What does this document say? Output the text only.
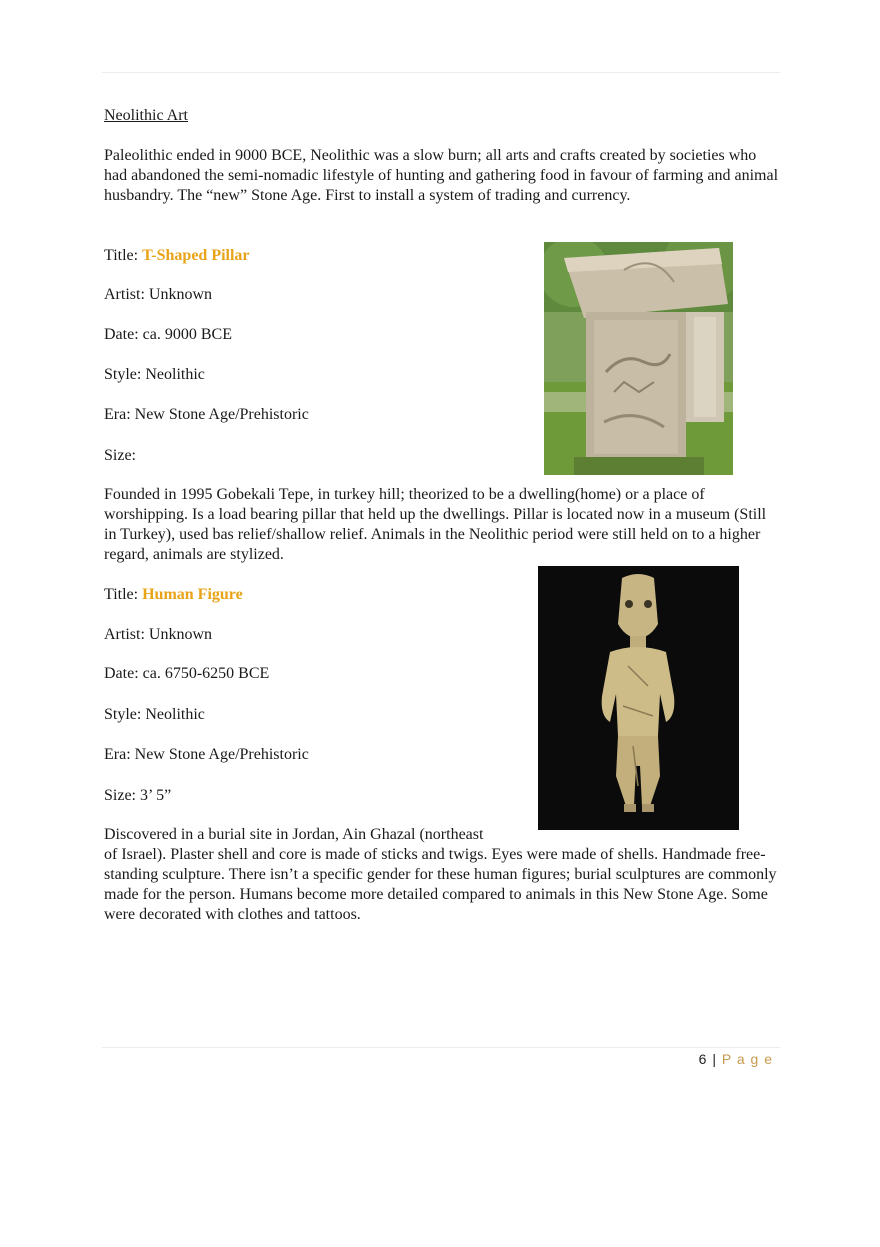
Neolithic Art

Paleolithic ended in 9000 BCE, Neolithic was a slow burn; all arts and crafts created by societies who had abandoned the semi-nomadic lifestyle of hunting and gathering food in favour of farming and animal husbandry. The “new” Stone Age. First to install a system of trading and currency.

Title: T-Shaped Pillar

Artist: Unknown

Date: ca. 9000 BCE

Style: Neolithic

Era: New Stone Age/Prehistoric

Size:

Founded in 1995 Gobekali Tepe, in turkey hill; theorized to be a dwelling(home) or a place of worshipping. Is a load bearing pillar that held up the dwellings. Pillar is located now in a museum (Still in Turkey), used bas relief/shallow relief. Animals in the Neolithic period were still held on to a higher regard, animals are stylized.

Title: Human Figure

Artist: Unknown

Date: ca. 6750-6250 BCE

Style: Neolithic

Era: New Stone Age/Prehistoric

Size: 3’ 5”

Discovered in a burial site in Jordan, Ain Ghazal (northeast

of Israel). Plaster shell and core is made of sticks and twigs. Eyes were made of shells. Handmade free-standing sculpture. There isn’t a specific gender for these human figures; burial sculptures are commonly made for the person. Humans become more detailed compared to animals in this New Stone Age. Some were decorated with clothes and tattoos.

6 | P a g e
